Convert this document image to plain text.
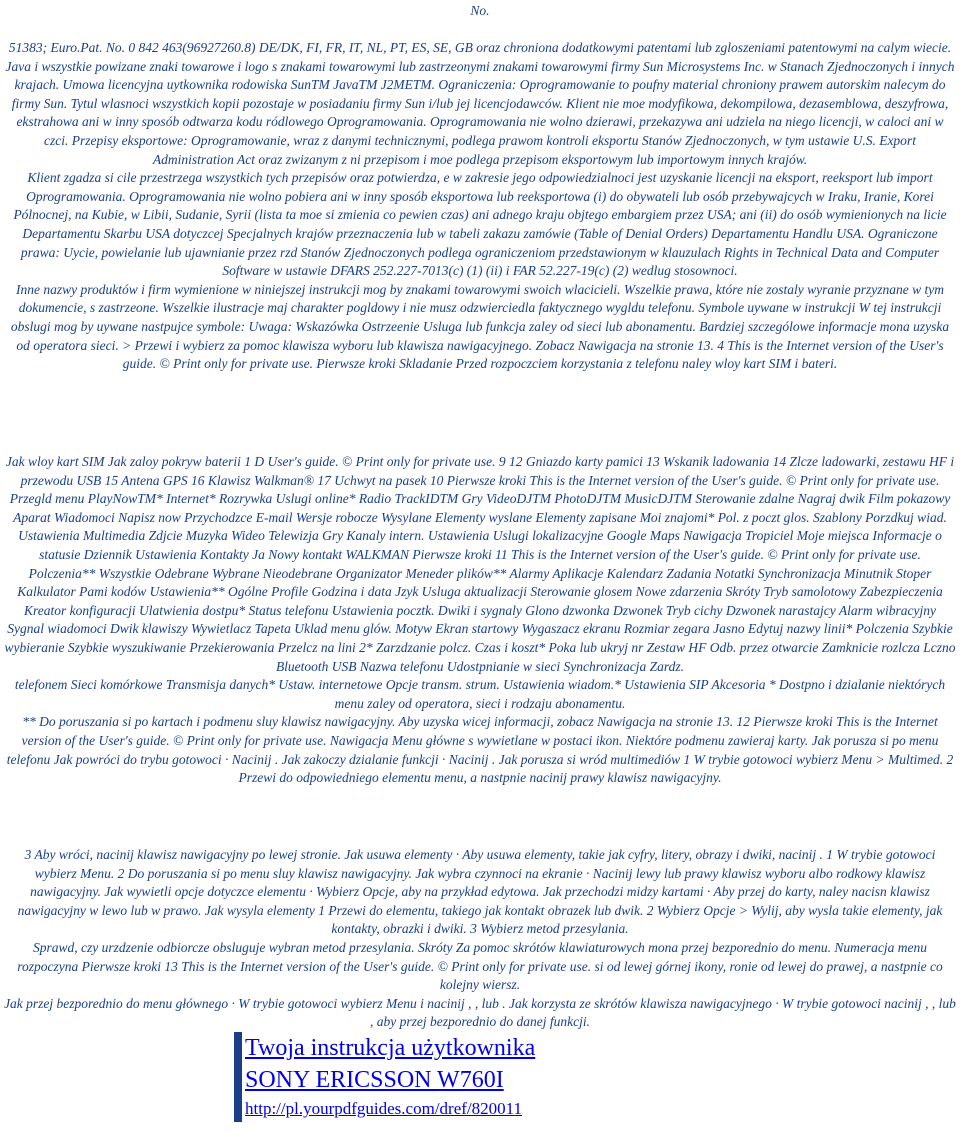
No.

51383; Euro.Pat. No. 0 842 463(96927260.8) DE/DK, FI, FR, IT, NL, PT, ES, SE, GB oraz chroniona dodatkowymi patentami lub zgloszeniami patentowymi na calym wiecie. Java i wszystkie powizane znaki towarowe i logo s znakami towarowymi lub zastrzeonymi znakami towarowymi firmy Sun Microsystems Inc. w Stanach Zjednoczonych i innych krajach. Umowa licencyjna uytkownika rodowiska SunTM JavaTM J2METM. Ograniczenia: Oprogramowanie to poufny material chroniony prawem autorskim nalecym do firmy Sun. Tytul wlasnoci wszystkich kopii pozostaje w posiadaniu firmy Sun i/lub jej licencjodawców. Klient nie moe modyfikowa, dekompilowa, dezasemblowa, deszyfrowa, ekstrahowa ani w inny sposób odtwarza kodu ródlowego Oprogramowania. Oprogramowania nie wolno dzierawi, przekazywa ani udziela na niego licencji, w caloci ani w czci. Przepisy eksportowe: Oprogramowanie, wraz z danymi technicznymi, podlega prawom kontroli eksportu Stanów Zjednoczonych, w tym ustawie U.S. Export Administration Act oraz zwizanym z ni przepisom i moe podlega przepisom eksportowym lub importowym innych krajów.

Klient zgadza si cile przestrzega wszystkich tych przepisów oraz potwierdza, e w zakresie jego odpowiedzialnoci jest uzyskanie licencji na eksport, reeksport lub import Oprogramowania. Oprogramowania nie wolno pobiera ani w inny sposób eksportowa lub reeksportowa (i) do obywateli lub osób przebywajcych w Iraku, Iranie, Korei Pólnocnej, na Kubie, w Libii, Sudanie, Syrii (lista ta moe si zmienia co pewien czas) ani adnego kraju objtego embargiem przez USA; ani (ii) do osób wymienionych na licie Departamentu Skarbu USA dotyczcej Specjalnych krajów przeznaczenia lub w tabeli zakazu zamówie (Table of Denial Orders) Departamentu Handlu USA. Ograniczone prawa: Uycie, powielanie lub ujawnianie przez rzd Stanów Zjednoczonych podlega ograniczeniom przedstawionym w klauzulach Rights in Technical Data and Computer Software w ustawie DFARS 252.227-7013(c) (1) (ii) i FAR 52.227-19(c) (2) wedlug stosownoci.

Inne nazwy produktów i firm wymienione w niniejszej instrukcji mog by znakami towarowymi swoich wlacicieli. Wszelkie prawa, które nie zostaly wyranie przyznane w tym dokumencie, s zastrzeone. Wszelkie ilustracje maj charakter pogldowy i nie musz odzwierciedla faktycznego wygldu telefonu. Symbole uywane w instrukcji W tej instrukcji obslugi mog by uywane nastpujce symbole: Uwaga: Wskazówka Ostrzeenie Usluga lub funkcja zaley od sieci lub abonamentu. Bardziej szczególowe informacje mona uzyska od operatora sieci. > Przewi i wybierz za pomoc klawisza wyboru lub klawisza nawigacyjnego. Zobacz Nawigacja na stronie 13. 4 This is the Internet version of the User's guide. © Print only for private use. Pierwsze kroki Skladanie Przed rozpoczciem korzystania z telefonu naley wloy kart SIM i bateri.

Jak wloy kart SIM Jak zaloy pokryw baterii 1 D User's guide. © Print only for private use. 9 12 Gniazdo karty pamici 13 Wskanik ladowania 14 Zlcze ladowarki, zestawu HF i przewodu USB 15 Antena GPS 16 Klawisz Walkman® 17 Uchwyt na pasek 10 Pierwsze kroki This is the Internet version of the User's guide. © Print only for private use. Przegld menu PlayNowTM* Internet* Rozrywka Uslugi online* Radio TrackIDTM Gry VideoDJTM PhotoDJTM MusicDJTM Sterowanie zdalne Nagraj dwik Film pokazowy Aparat Wiadomoci Napisz now Przychodzce E-mail Wersje robocze Wysylane Elementy wyslane Elementy zapisane Moi znajomi* Pol. z poczt glos. Szablony Porzdkuj wiad. Ustawienia Multimedia Zdjcie Muzyka Wideo Telewizja Gry Kanaly intern. Ustawienia Uslugi lokalizacyjne Google Maps Nawigacja Tropiciel Moje miejsca Informacje o statusie Dziennik Ustawienia Kontakty Ja Nowy kontakt WALKMAN Pierwsze kroki 11 This is the Internet version of the User's guide. © Print only for private use.

Polczenia** Wszystkie Odebrane Wybrane Nieodebrane Organizator Meneder plików** Alarmy Aplikacje Kalendarz Zadania Notatki Synchronizacja Minutnik Stoper Kalkulator Pami kodów Ustawienia** Ogólne Profile Godzina i data Jzyk Usluga aktualizacji Sterowanie glosem Nowe zdarzenia Skróty Tryb samolotowy Zabezpieczenia Kreator konfiguracji Ulatwienia dostpu* Status telefonu Ustawienia pocztk. Dwiki i sygnaly Glono dzwonka Dzwonek Tryb cichy Dzwonek narastajcy Alarm wibracyjny Sygnal wiadomoci Dwik klawiszy Wywietlacz Tapeta Uklad menu glów. Motyw Ekran startowy Wygaszacz ekranu Rozmiar zegara Jasno Edytuj nazwy linii* Polczenia Szybkie wybieranie Szybkie wyszukiwanie Przekierowania Przelcz na lini 2* Zarzdzanie polcz. Czas i koszt* Poka lub ukryj nr Zestaw HF Odb. przez otwarcie Zamknicie rozlcza Lczno Bluetooth USB Nazwa telefonu Udostpnianie w sieci Synchronizacja Zardz.

telefonem Sieci komórkowe Transmisja danych* Ustaw. internetowe Opcje transm. strum. Ustawienia wiadom.* Ustawienia SIP Akcesoria * Dostpno i dzialanie niektórych menu zaley od operatora, sieci i rodzaju abonamentu.

** Do poruszania si po kartach i podmenu sluy klawisz nawigacyjny. Aby uzyska wicej informacji, zobacz Nawigacja na stronie 13. 12 Pierwsze kroki This is the Internet version of the User's guide. © Print only for private use. Nawigacja Menu główne s wywietlane w postaci ikon. Niektóre podmenu zawieraj karty. Jak porusza si po menu telefonu Jak powróci do trybu gotowoci · Nacinij . Jak zakoczy dzialanie funkcji · Nacinij . Jak porusza si wród multimediów 1 W trybie gotowoci wybierz Menu > Multimed. 2 Przewi do odpowiedniego elementu menu, a nastpnie nacinij prawy klawisz nawigacyjny.

3 Aby wróci, nacinij klawisz nawigacyjny po lewej stronie. Jak usuwa elementy · Aby usuwa elementy, takie jak cyfry, litery, obrazy i dwiki, nacinij . 1 W trybie gotowoci wybierz Menu. 2 Do poruszania si po menu sluy klawisz nawigacyjny. Jak wybra czynnoci na ekranie · Nacinij lewy lub prawy klawisz wyboru albo rodkowy klawisz nawigacyjny. Jak wywietli opcje dotyczce elementu · Wybierz Opcje, aby na przykład edytowa. Jak przechodzi midzy kartami · Aby przej do karty, naley nacisn klawisz nawigacyjny w lewo lub w prawo. Jak wysyla elementy 1 Przewi do elementu, takiego jak kontakt obrazek lub dwik. 2 Wybierz Opcje > Wylij, aby wysla takie elementy, jak kontakty, obrazki i dwiki. 3 Wybierz metod przesylania.

Sprawd, czy urzdzenie odbiorcze obsluguje wybran metod przesylania. Skróty Za pomoc skrótów klawiaturowych mona przej bezporednio do menu. Numeracja menu rozpoczyna Pierwsze kroki 13 This is the Internet version of the User's guide. © Print only for private use. si od lewej górnej ikony, ronie od lewej do prawej, a nastpnie co kolejny wiersz.

Jak przej bezporednio do menu głównego · W trybie gotowoci wybierz Menu i nacinij , , lub . Jak korzysta ze skrótów klawisza nawigacyjnego · W trybie gotowoci nacinij , , lub , aby przej bezporednio do danej funkcji.

Twoja instrukcja użytkownika
SONY ERICSSON W760I
http://pl.yourpdfguides.com/dref/820011
